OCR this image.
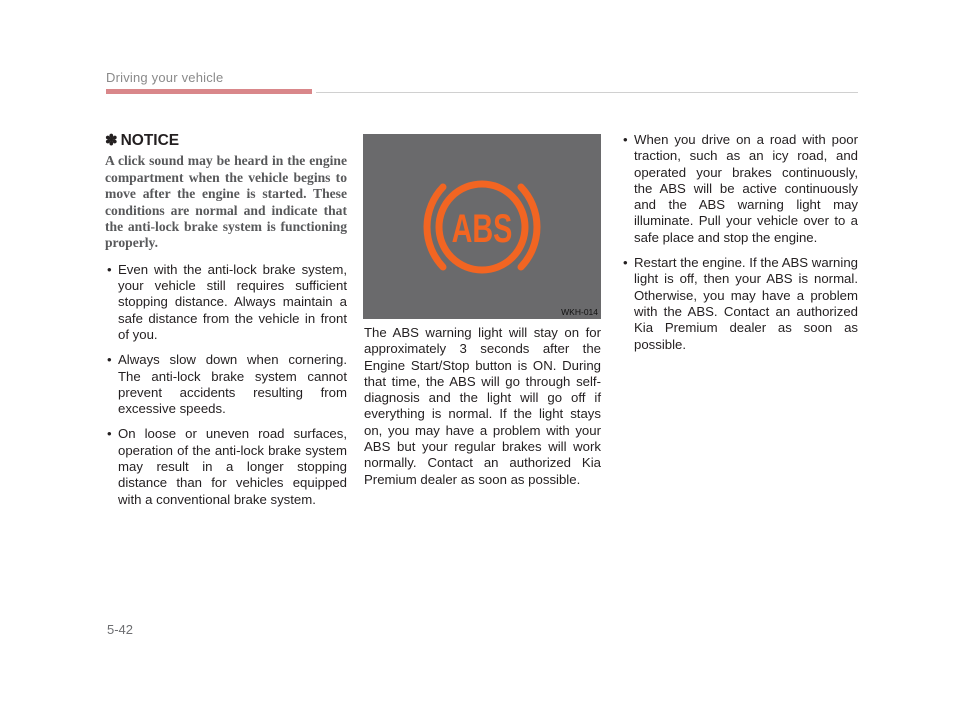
Driving your vehicle
✽ NOTICE

A click sound may be heard in the engine compartment when the vehicle begins to move after the engine is started. These conditions are normal and indicate that the anti-lock brake system is functioning properly.

• Even with the anti-lock brake system, your vehicle still requires sufficient stopping distance. Always maintain a safe distance from the vehicle in front of you.
• Always slow down when cornering. The anti-lock brake system cannot prevent accidents resulting from excessive speeds.
• On loose or uneven road surfaces, operation of the anti-lock brake system may result in a longer stopping distance than for vehicles equipped with a conventional brake system.
ABS
WKH-014

The ABS warning light will stay on for approximately 3 seconds after the Engine Start/Stop button is ON. During that time, the ABS will go through self-diagnosis and the light will go off if everything is normal. If the light stays on, you may have a problem with your ABS but your regular brakes will work normally. Contact an authorized Kia Premium dealer as soon as possible.

• When you drive on a road with poor traction, such as an icy road, and operated your brakes continuously, the ABS will be active continuously and the ABS warning light may illuminate. Pull your vehicle over to a safe place and stop the engine.
• Restart the engine. If the ABS warning light is off, then your ABS is normal. Otherwise, you may have a problem with the ABS. Contact an authorized Kia Premium dealer as soon as possible.
5-42
